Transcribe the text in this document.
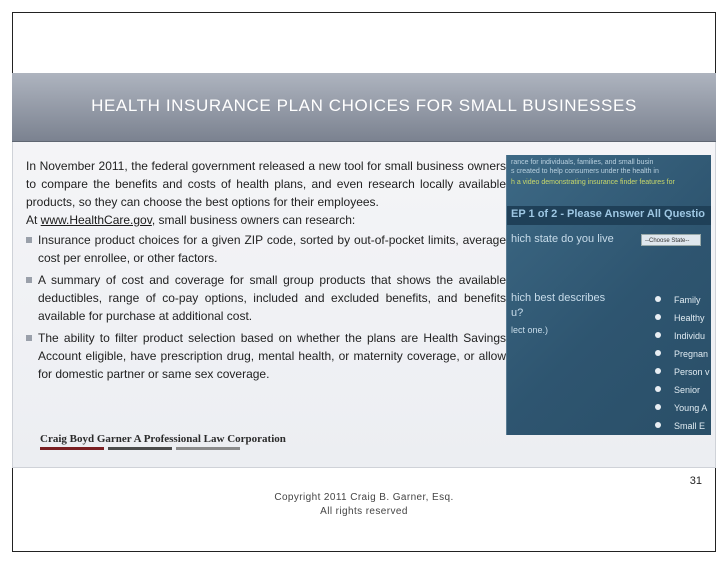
HEALTH INSURANCE PLAN CHOICES FOR SMALL BUSINESSES
rance for individuals, families, and small busin
s created to help consumers under the health in
h a video demonstrating insurance finder features for
EP 1 of 2 - Please Answer All Questio
hich state do you live	--Choose State--
hich best describes
u?
lect one.)
Family
Healthy
Individu
Pregnan
Person v
Senior
Young A
Small E

In November 2011, the federal government released a new tool for small business owners to compare the benefits and costs of health plans, and even research locally available products, so they can choose the best options for their employees.

At www.HealthCare.gov, small business owners can research:

Insurance product choices for a given ZIP code, sorted by out-of-pocket limits, average cost per enrollee, or other factors.
A summary of cost and coverage for small group products that shows the available deductibles, range of co-pay options, included and excluded benefits, and benefits available for purchase at additional cost.
The ability to filter product selection based on whether the plans are Health Savings Account eligible, have prescription drug, mental health, or maternity coverage, or allow for domestic partner or same sex coverage.
Craig Boyd Garner A Professional Law Corporation
31
Copyright 2011 Craig B. Garner, Esq.
All rights reserved
